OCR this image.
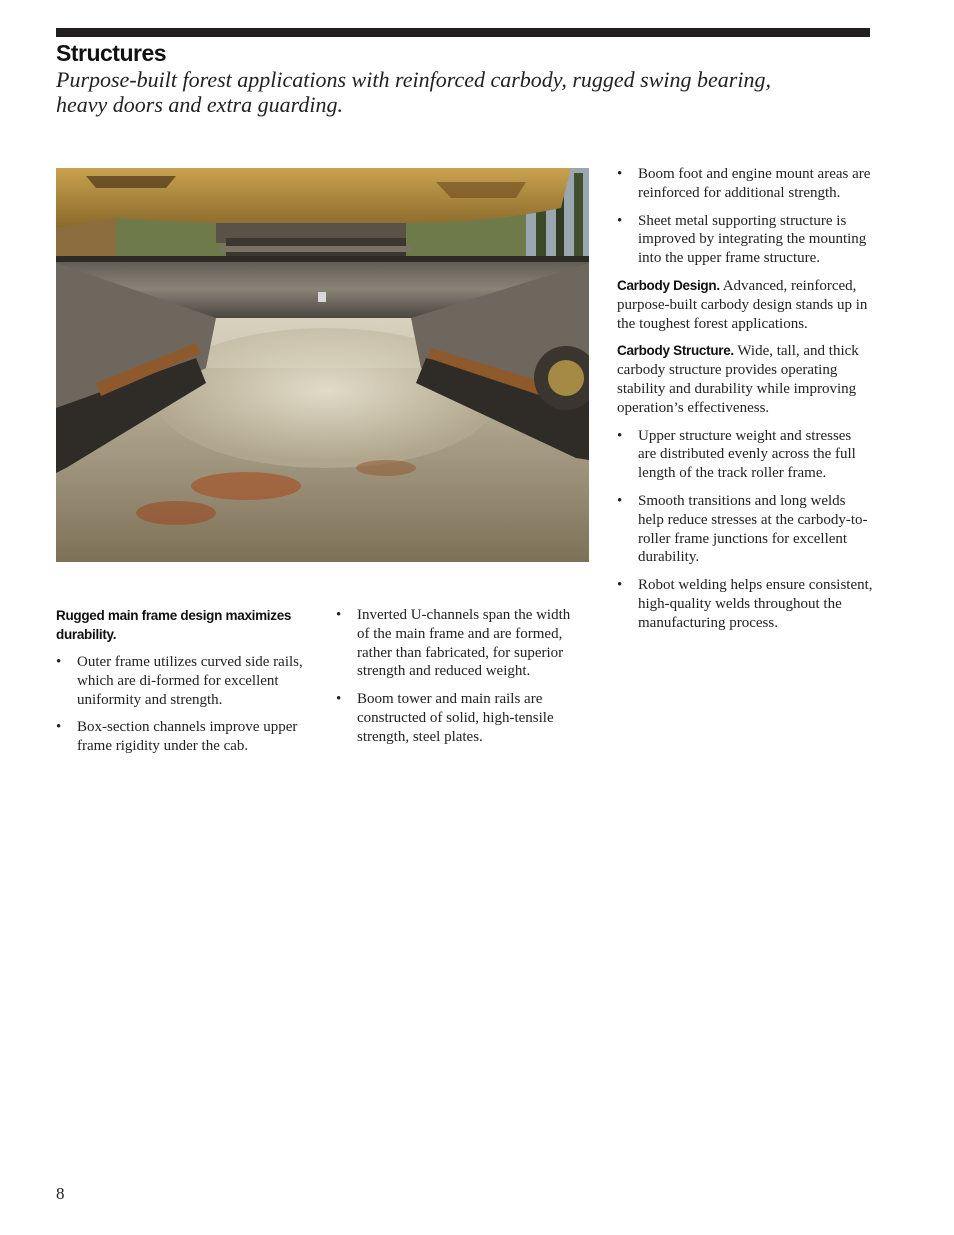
Structures

Purpose-built forest applications with reinforced carbody, rugged swing bearing, heavy doors and extra guarding.

Rugged main frame design maximizes durability.
• Outer frame utilizes curved side rails, which are di-formed for excellent uniformity and strength.
• Box-section channels improve upper frame rigidity under the cab.
• Inverted U-channels span the width of the main frame and are formed, rather than fabricated, for superior strength and reduced weight.
• Boom tower and main rails are constructed of solid, high-tensile strength, steel plates.
• Boom foot and engine mount areas are reinforced for additional strength.
• Sheet metal supporting structure is improved by integrating the mounting into the upper frame structure.

Carbody Design. Advanced, reinforced, purpose-built carbody design stands up in the toughest forest applications.

Carbody Structure. Wide, tall, and thick carbody structure provides operating stability and durability while improving operation’s effectiveness.

• Upper structure weight and stresses are distributed evenly across the full length of the track roller frame.
• Smooth transitions and long welds help reduce stresses at the carbody-to-roller frame junctions for excellent durability.
• Robot welding helps ensure consistent, high-quality welds throughout the manufacturing process.
8
